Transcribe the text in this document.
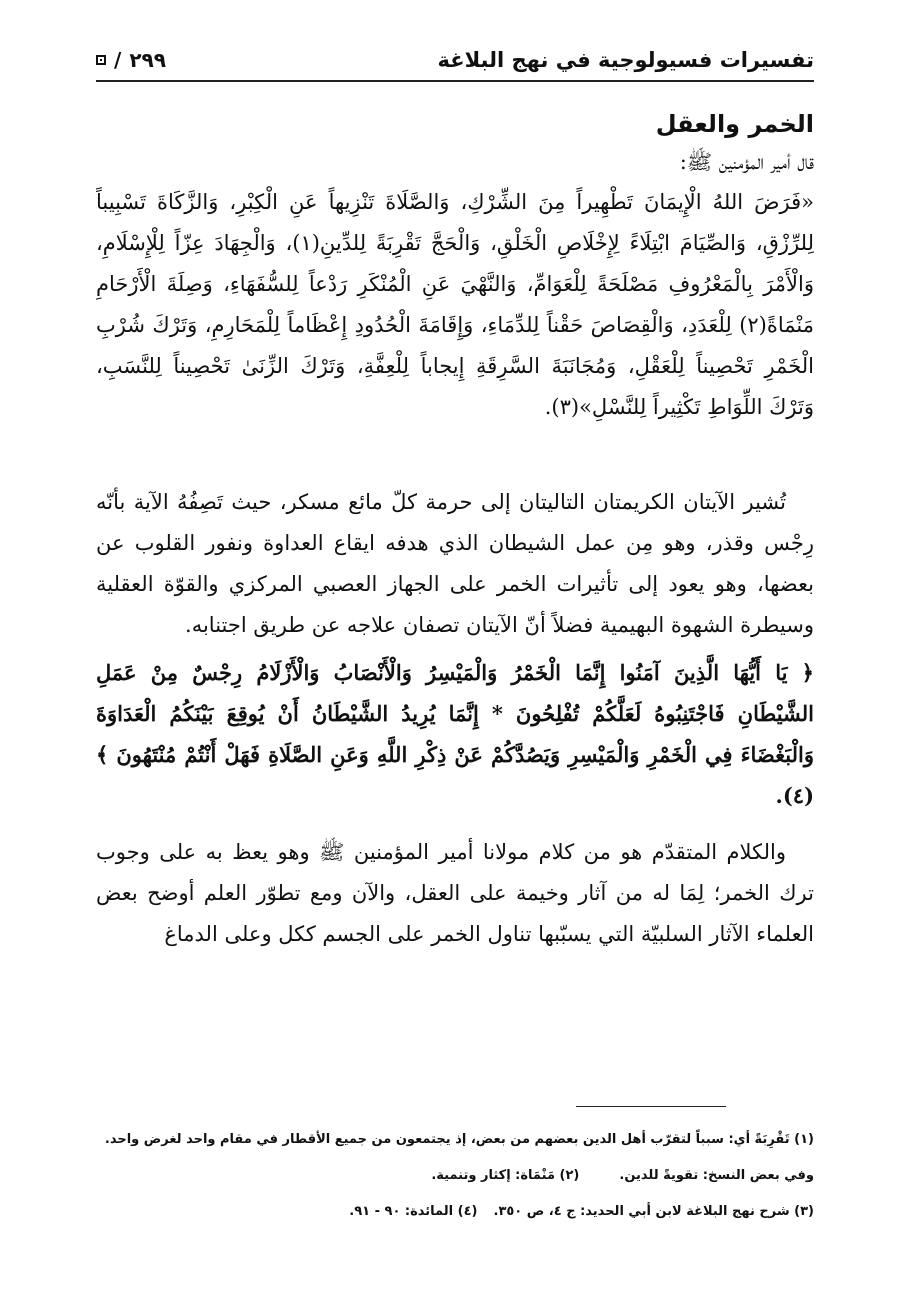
تفسيرات فسيولوجية في نهج البلاغة
٢٩٩
/
الخمر والعقل
قال أمير المؤمنين ﷺ:

«فَرَضَ اللهُ الْإِيمَانَ تَطْهِيراً مِنَ الشِّرْكِ، وَالصَّلَاةَ تَنْزِيهاً عَنِ الْكِبْرِ، وَالزَّكَاةَ تَسْبِيباً لِلرِّزْقِ، وَالصِّيَامَ ابْتِلَاءً لِإِخْلَاصِ الْخَلْقِ، وَالْحَجَّ تَقْرِبَةً لِلدِّينِ(١)، وَالْجِهَادَ عِزّاً لِلْإِسْلَامِ، وَالْأَمْرَ بِالْمَعْرُوفِ مَصْلَحَةً لِلْعَوَامِّ، وَالنَّهْيَ عَنِ الْمُنْكَرِ رَدْعاً لِلسُّفَهَاءِ، وَصِلَةَ الْأَرْحَامِ مَنْمَاةً(٢) لِلْعَدَدِ، وَالْقِصَاصَ حَقْناً لِلدِّمَاءِ، وَإِقَامَةَ الْحُدُودِ إِعْظَاماً لِلْمَحَارِمِ، وَتَرْكَ شُرْبِ الْخَمْرِ تَحْصِيناً لِلْعَقْلِ، وَمُجَانَبَةَ السَّرِقَةِ إِيجاباً لِلْعِفَّةِ، وَتَرْكَ الزِّنَىٰ تَحْصِيناً لِلنَّسَبِ، وَتَرْكَ اللِّوَاطِ تَكْثِيراً لِلنَّسْلِ»(٣).

تُشير الآيتان الكريمتان التاليتان إلى حرمة كلّ مائع مسكر، حيث تَصِفُهُ الآية بأنّه رِجْس وقذر، وهو مِن عمل الشيطان الذي هدفه ايقاع العداوة ونفور القلوب عن بعضها، وهو يعود إلى تأثيرات الخمر على الجهاز العصبي المركزي والقوّة العقلية وسيطرة الشهوة البهيمية فضلاً أنّ الآيتان تصفان علاجه عن طريق اجتنابه.

﴿ يَا أَيُّهَا الَّذِينَ آمَنُوا إِنَّمَا الْخَمْرُ وَالْمَيْسِرُ وَالْأَنْصَابُ وَالْأَزْلَامُ رِجْسٌ مِنْ عَمَلِ الشَّيْطَانِ فَاجْتَنِبُوهُ لَعَلَّكُمْ تُفْلِحُونَ * إِنَّمَا يُرِيدُ الشَّيْطَانُ أَنْ يُوقِعَ بَيْنَكُمُ الْعَدَاوَةَ وَالْبَغْضَاءَ فِي الْخَمْرِ وَالْمَيْسِرِ وَيَصُدَّكُمْ عَنْ ذِكْرِ اللَّهِ وَعَنِ الصَّلَاةِ فَهَلْ أَنْتُمْ مُنْتَهُونَ ﴾(٤).

والكلام المتقدّم هو من كلام مولانا أمير المؤمنين ﷺ وهو يعظ به على وجوب ترك الخمر؛ لِمَا له من آثار وخيمة على العقل، والآن ومع تطوّر العلم أوضح بعض العلماء الآثار السلبيّة التي يسبّبها تناول الخمر على الجسم ككل وعلى الدماغ

(١) تَقْرِبَةً أي: سبباً لتقرّب أهل الدين بعضهم من بعض، إذ يجتمعون من جميع الأقطار في مقام واحد لغرض واحد.
وفي بعض النسخ: تقويةً للدين.(٢) مَنْمَاة: إكثار وتنمية.
(٣) شرح نهج البلاغة لابن أبي الحديد: ج ٤، ص ٣٥٠.(٤) المائدة: ٩٠ - ٩١.
